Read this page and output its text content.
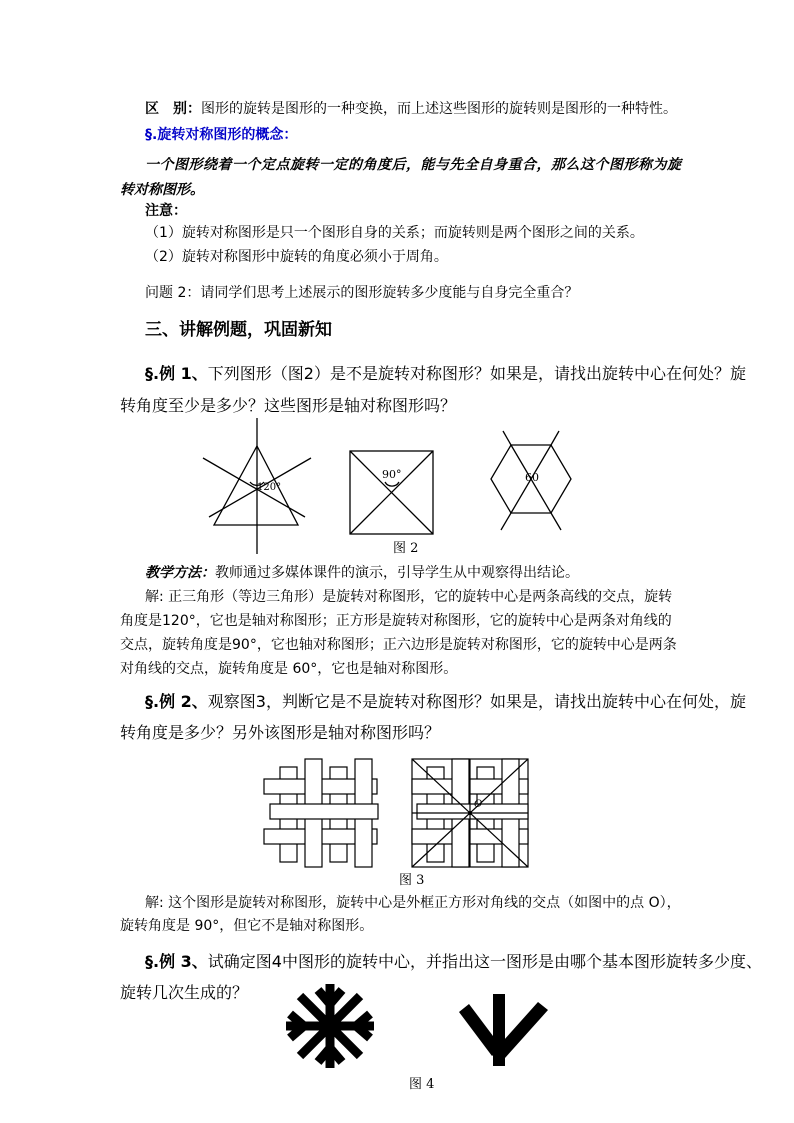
区　别：图形的旋转是图形的一种变换，而上述这些图形的旋转则是图形的一种特性。
§.旋转对称图形的概念：
一个图形绕着一个定点旋转一定的角度后，能与先全自身重合，那么这个图形称为旋
转对称图形。
注意：
（1）旋转对称图形是只一个图形自身的关系；而旋转则是两个图形之间的关系。
（2）旋转对称图形中旋转的角度必须小于周角。
问题 2：请同学们思考上述展示的图形旋转多少度能与自身完全重合？
三、讲解例题，巩固新知
§.例 1、下列图形（图2）是不是旋转对称图形？如果是，请找出旋转中心在何处？旋
转角度至少是多少？这些图形是轴对称图形吗？
120°
90°	60
图 2
教学方法：教师通过多媒体课件的演示，引导学生从中观察得出结论。
解: 正三角形（等边三角形）是旋转对称图形，它的旋转中心是两条高线的交点，旋转
角度是120°，它也是轴对称图形；正方形是旋转对称图形，它的旋转中心是两条对角线的
交点，旋转角度是90°，它也轴对称图形；正六边形是旋转对称图形，它的旋转中心是两条
对角线的交点，旋转角度是 60°，它也是轴对称图形。
§.例 2、观察图3，判断它是不是旋转对称图形？如果是，请找出旋转中心在何处，旋
转角度是多少？另外该图形是轴对称图形吗？
O
图 3
解: 这个图形是旋转对称图形，旋转中心是外框正方形对角线的交点（如图中的点 O），
旋转角度是 90°，但它不是轴对称图形。
§.例 3、试确定图4中图形的旋转中心，并指出这一图形是由哪个基本图形旋转多少度、
旋转几次生成的？
图 4
